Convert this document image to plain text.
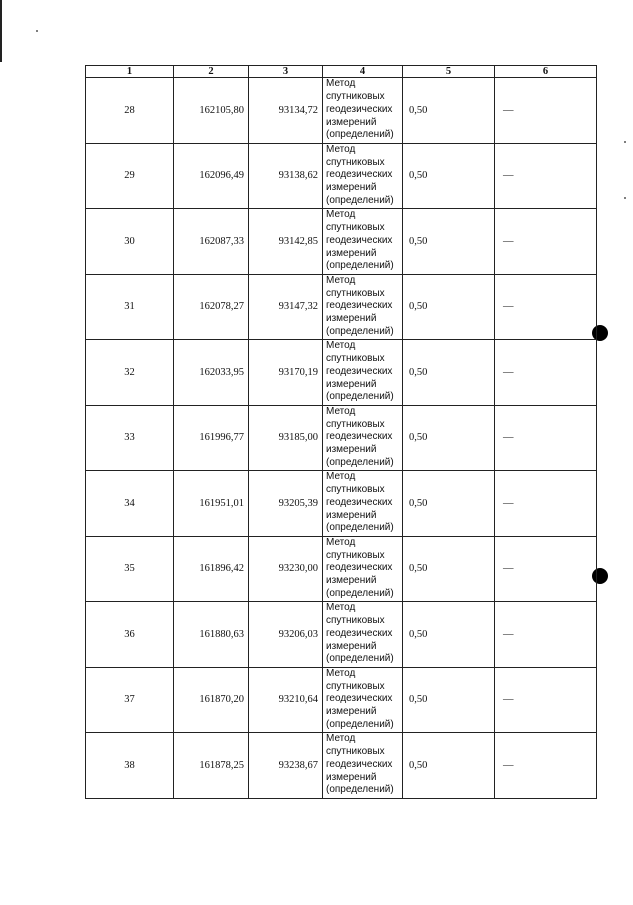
1	2	3	4	5	6
28	162105,80	93134,72	Метод
спутниковых
геодезических
измерений
(определений)	0,50	—
29	162096,49	93138,62	Метод
спутниковых
геодезических
измерений
(определений)	0,50	—
30	162087,33	93142,85	Метод
спутниковых
геодезических
измерений
(определений)	0,50	—
31	162078,27	93147,32	Метод
спутниковых
геодезических
измерений
(определений)	0,50	—
32	162033,95	93170,19	Метод
спутниковых
геодезических
измерений
(определений)	0,50	—
33	161996,77	93185,00	Метод
спутниковых
геодезических
измерений
(определений)	0,50	—
34	161951,01	93205,39	Метод
спутниковых
геодезических
измерений
(определений)	0,50	—
35	161896,42	93230,00	Метод
спутниковых
геодезических
измерений
(определений)	0,50	—
36	161880,63	93206,03	Метод
спутниковых
геодезических
измерений
(определений)	0,50	—
37	161870,20	93210,64	Метод
спутниковых
геодезических
измерений
(определений)	0,50	—
38	161878,25	93238,67	Метод
спутниковых
геодезических
измерений
(определений)	0,50	—
